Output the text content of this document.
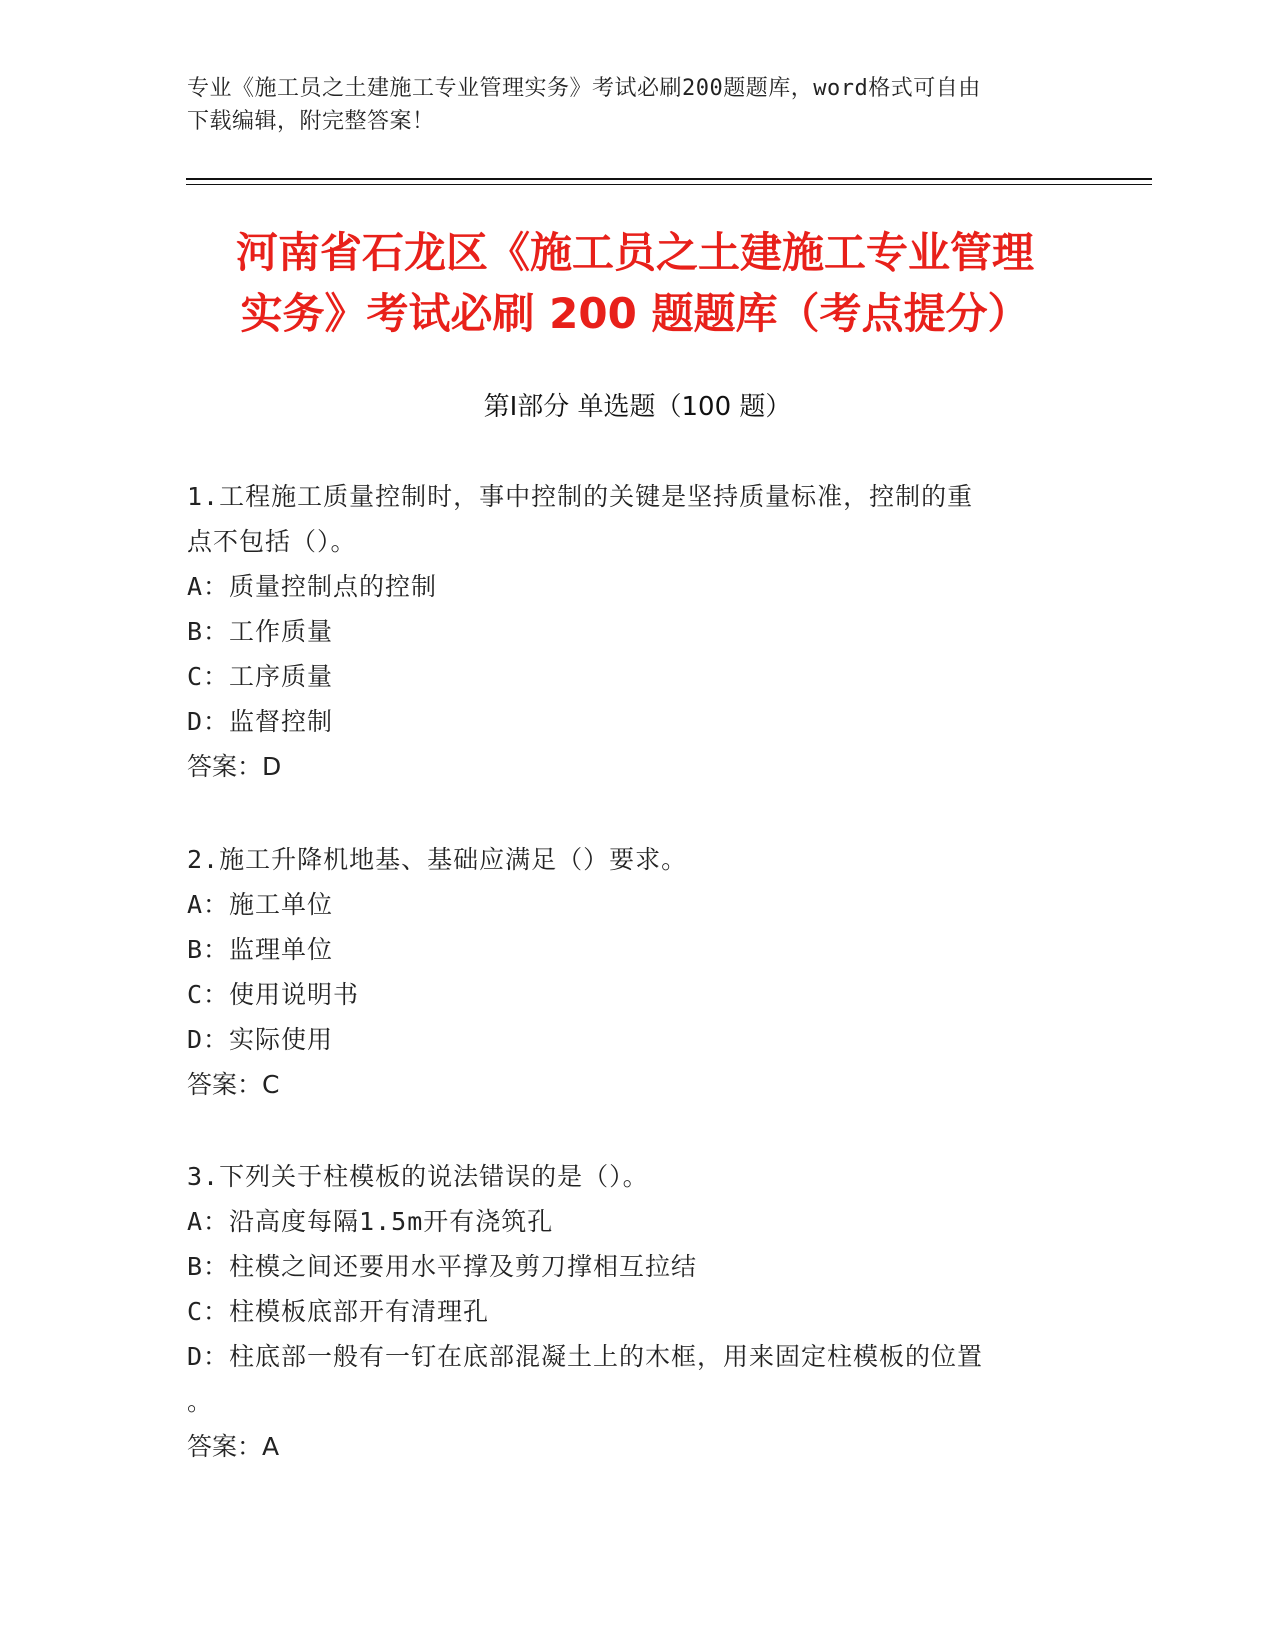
专业《施工员之土建施工专业管理实务》考试必刷200题题库，word格式可自由
下载编辑，附完整答案！
河南省石龙区《施工员之土建施工专业管理
实务》考试必刷 200 题题库（考点提分）
第Ⅰ部分 单选题（100 题）
1.工程施工质量控制时，事中控制的关键是坚持质量标准，控制的重
点不包括（）。
A：质量控制点的控制
B：工作质量
C：工序质量
D：监督控制
答案：D
2.施工升降机地基、基础应满足（）要求。
A：施工单位
B：监理单位
C：使用说明书
D：实际使用
答案：C
3.下列关于柱模板的说法错误的是（）。
A：沿高度每隔1.5m开有浇筑孔
B：柱模之间还要用水平撑及剪刀撑相互拉结
C：柱模板底部开有清理孔
D：柱底部一般有一钉在底部混凝土上的木框，用来固定柱模板的位置
。
答案：A
